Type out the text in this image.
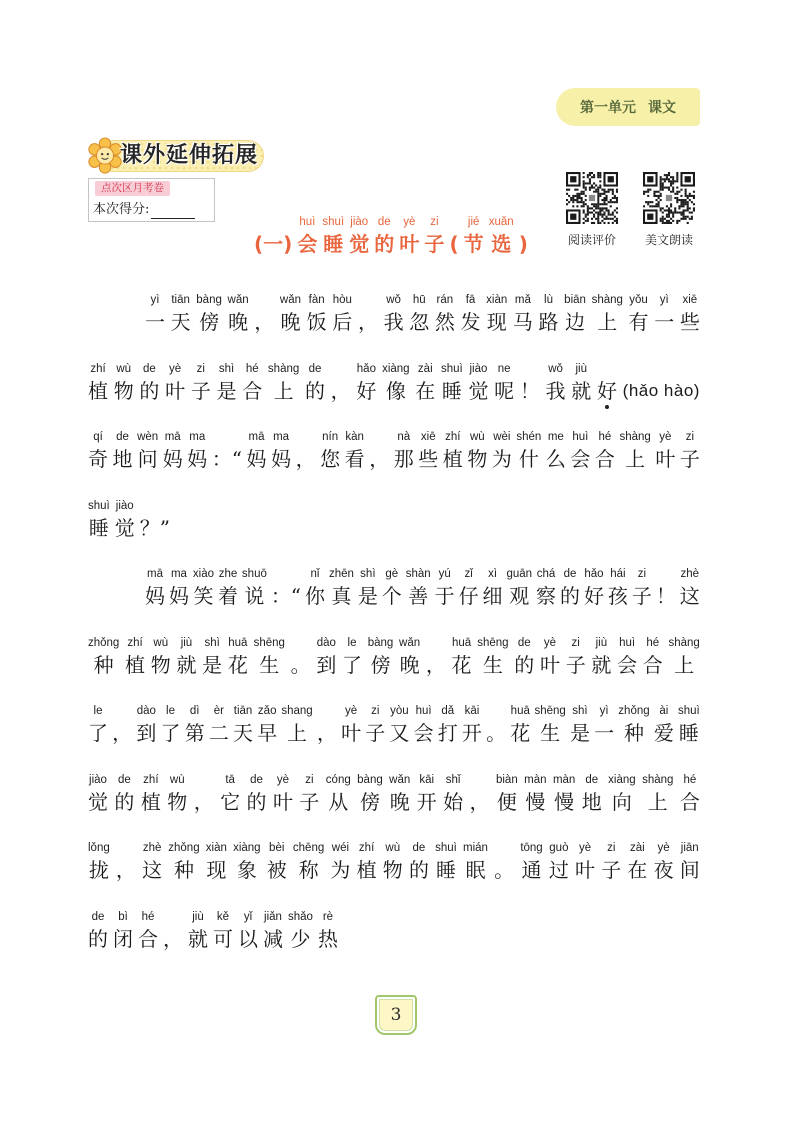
第一单元 课文
课外延伸拓展
点次区月考卷
本次得分:
阅读评价	美文朗读
(一)
huì
会
shuì
睡
jiào
觉
de
的
yè
叶
zi
子 (
jié
节
xuǎn
选 )
yì
一
tiān
天
bàng
傍
wǎn
晚 ，
wǎn
晚
fàn
饭
hòu
后 ，
wǒ
我
hū
忽
rán
然
fā
发
xiàn
现
mǎ
马
lù
路
biān
边
shàng
上
yǒu
有
yì
一
xiē
些
zhí
植
wù
物
de
的
yè
叶
zi
子
shì
是
hé
合
shàng
上
de
的 ，
hǎo
好
xiàng
像
zài
在
shuì
睡
jiào
觉
ne
呢 ！
wǒ
我
jiù
就 好 (hǎo hào)
qí
奇
de
地
wèn
问
mā
妈
ma
妈 ：“
mā
妈
ma
妈 ，
nín
您
kàn
看 ，
nà
那
xiē
些
zhí
植
wù
物
wèi
为
shén
什
me
么
huì
会
hé
合
shàng
上
yè
叶
zi
子
shuì
睡
jiào
觉 ？”
mā
妈
ma
妈
xiào
笑
zhe
着
shuō
说 ：“
nǐ
你
zhēn
真
shì
是
gè
个
shàn
善
yú
于
zǐ
仔
xì
细
guān
观
chá
察
de
的
hǎo
好
hái
孩
zi
子 ！
zhè
这
zhǒng
种
zhí
植
wù
物
jiù
就
shì
是
huā
花
shēng
生 。
dào
到
le
了
bàng
傍
wǎn
晚 ，
huā
花
shēng
生
de
的
yè
叶
zi
子
jiù
就
huì
会
hé
合
shàng
上
le
了 ，
dào
到
le
了
dì
第
èr
二
tiān
天
zǎo
早
shang
上 ，
yè
叶
zi
子
yòu
又
huì
会
dǎ
打
kāi
开 。
huā
花
shēng
生
shì
是
yì
一
zhǒng
种
ài
爱
shuì
睡
jiào
觉
de
的
zhí
植
wù
物 ，
tā
它
de
的
yè
叶
zi
子
cóng
从
bàng
傍
wǎn
晚
kāi
开
shǐ
始 ，
biàn
便
màn
慢
màn
慢
de
地
xiàng
向
shàng
上
hé
合
lǒng
拢 ，
zhè
这
zhǒng
种
xiàn
现
xiàng
象
bèi
被
chēng
称
wéi
为
zhí
植
wù
物
de
的
shuì
睡
mián
眠 。
tōng
通
guò
过
yè
叶
zi
子
zài
在
yè
夜
jiān
间
de
的
bì
闭
hé
合 ，
jiù
就
kě
可
yǐ
以
jiǎn
减
shǎo
少
rè
热
3
